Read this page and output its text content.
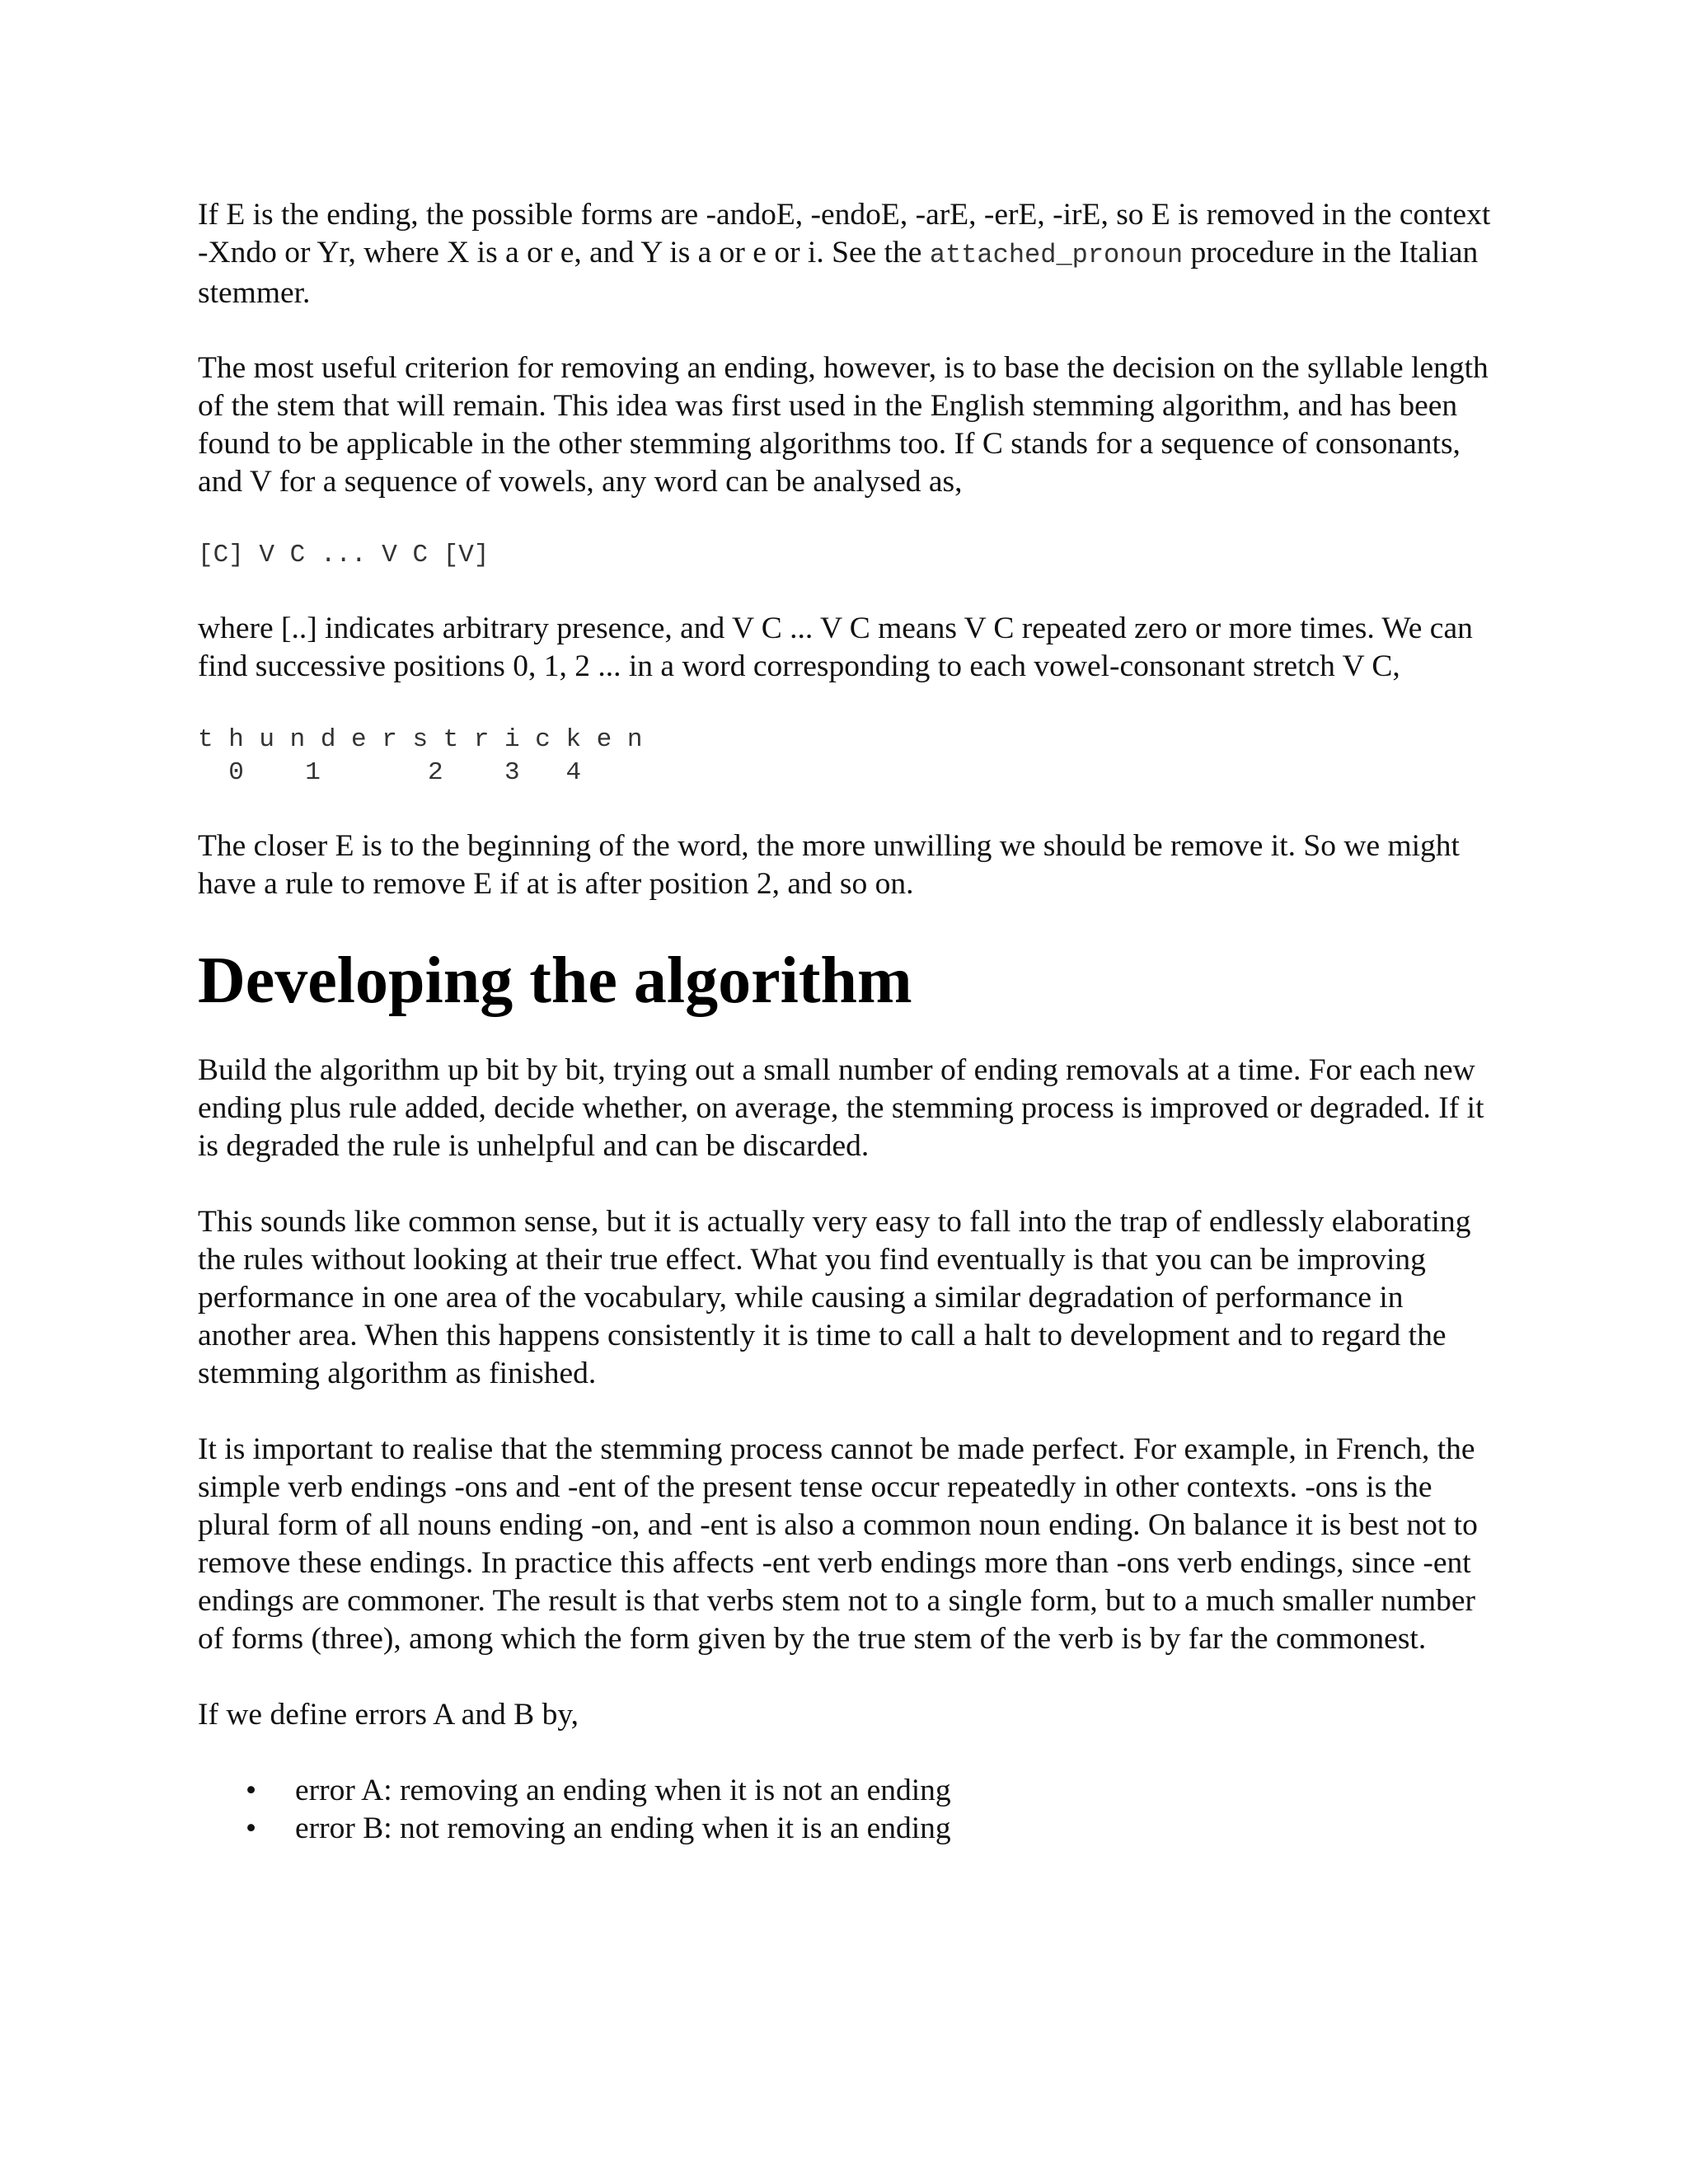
If E is the ending, the possible forms are -andoE, -endoE, -arE, -erE, -irE, so E is removed in the context -Xndo or Yr, where X is a or e, and Y is a or e or i. See the attached_pronoun procedure in the Italian stemmer.

The most useful criterion for removing an ending, however, is to base the decision on the syllable length of the stem that will remain. This idea was first used in the English stemming algorithm, and has been found to be applicable in the other stemming algorithms too. If C stands for a sequence of consonants, and V for a sequence of vowels, any word can be analysed as,

[C] V C ... V C [V]

where [..] indicates arbitrary presence, and V C ... V C means V C repeated zero or more times. We can find successive positions 0, 1, 2 ... in a word corresponding to each vowel-consonant stretch V C,

t h u n d e r s t r i c k e n
0    1       2    3   4

The closer E is to the beginning of the word, the more unwilling we should be remove it. So we might have a rule to remove E if at is after position 2, and so on.

Developing the algorithm

Build the algorithm up bit by bit, trying out a small number of ending removals at a time. For each new ending plus rule added, decide whether, on average, the stemming process is improved or degraded. If it is degraded the rule is unhelpful and can be discarded.

This sounds like common sense, but it is actually very easy to fall into the trap of endlessly elaborating the rules without looking at their true effect. What you find eventually is that you can be improving performance in one area of the vocabulary, while causing a similar degradation of performance in another area. When this happens consistently it is time to call a halt to development and to regard the stemming algorithm as finished.

It is important to realise that the stemming process cannot be made perfect. For example, in French, the simple verb endings -ons and -ent of the present tense occur repeatedly in other contexts. -ons is the plural form of all nouns ending -on, and -ent is also a common noun ending. On balance it is best not to remove these endings. In practice this affects -ent verb endings more than -ons verb endings, since -ent endings are commoner. The result is that verbs stem not to a single form, but to a much smaller number of forms (three), among which the form given by the true stem of the verb is by far the commonest.

If we define errors A and B by,

• error A: removing an ending when it is not an ending
• error B: not removing an ending when it is an ending
